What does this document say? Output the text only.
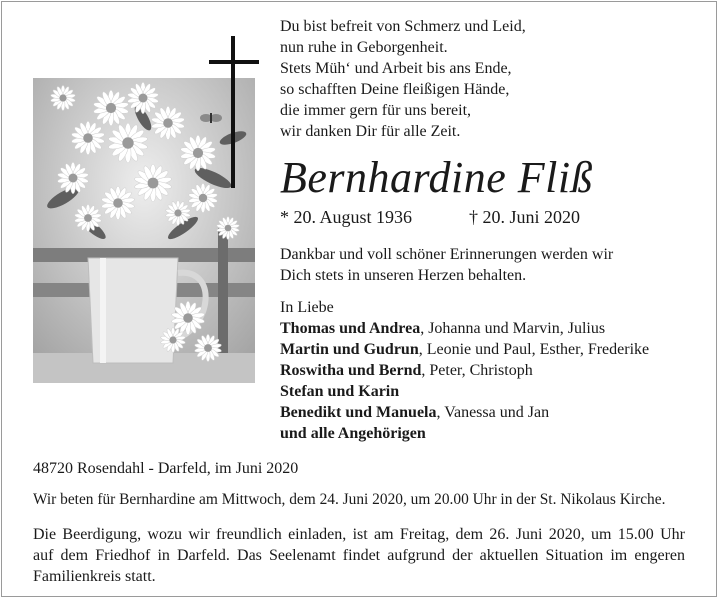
Du bist befreit von Schmerz und Leid,
nun ruhe in Geborgenheit.
Stets Müh‘ und Arbeit bis ans Ende,
so schafften Deine fleißigen Hände,
die immer gern für uns bereit,
wir danken Dir für alle Zeit.
Bernhardine Fliß
* 20. August 1936	† 20. Juni 2020
Dankbar und voll schöner Erinnerungen werden wir
Dich stets in unseren Herzen behalten.
In Liebe
Thomas und Andrea, Johanna und Marvin, Julius
Martin und Gudrun, Leonie und Paul, Esther, Frederike
Roswitha und Bernd, Peter, Christoph
Stefan und Karin
Benedikt und Manuela, Vanessa und Jan
und alle Angehörigen
48720 Rosendahl - Darfeld, im Juni 2020
Wir beten für Bernhardine am Mittwoch, dem 24. Juni 2020, um 20.00 Uhr in der St. Nikolaus Kirche.
Die Beerdigung, wozu wir freundlich einladen, ist am Freitag, dem 26. Juni 2020, um 15.00 Uhr
auf dem Friedhof in Darfeld. Das Seelenamt findet aufgrund der aktuellen Situation im engeren
Familienkreis statt.
